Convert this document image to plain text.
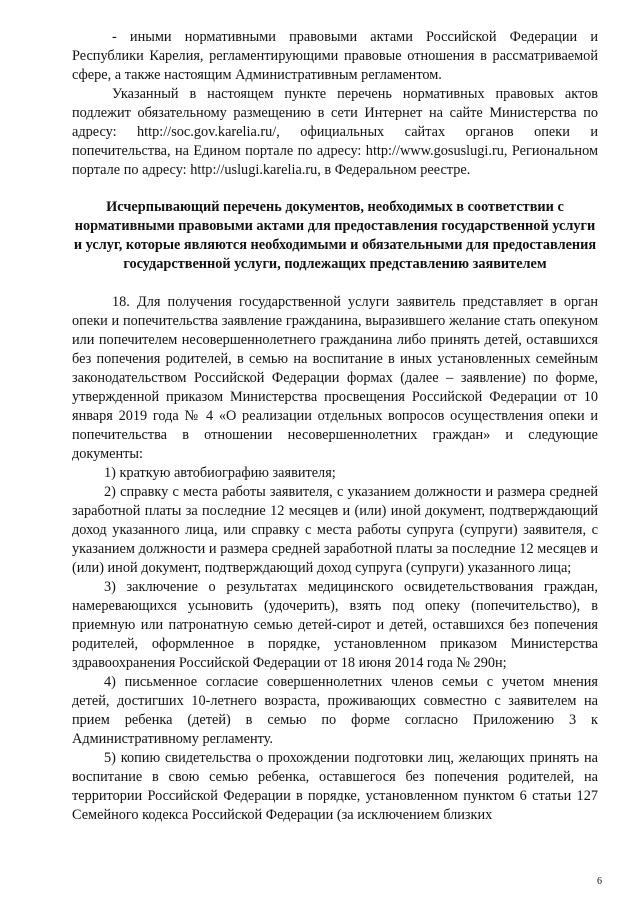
- иными нормативными правовыми актами Российской Федерации и Республики Карелия, регламентирующими правовые отношения в рассматриваемой сфере, а также настоящим Административным регламентом.

Указанный в настоящем пункте перечень нормативных правовых актов подлежит обязательному размещению в сети Интернет на сайте Министерства по адресу: http://soc.gov.karelia.ru/, официальных сайтах органов опеки и попечительства, на Едином портале по адресу: http://www.gosuslugi.ru, Региональном портале по адресу: http://uslugi.karelia.ru, в Федеральном реестре.

Исчерпывающий перечень документов, необходимых в соответствии с нормативными правовыми актами для предоставления государственной услуги и услуг, которые являются необходимыми и обязательными для предоставления государственной услуги, подлежащих представлению заявителем

18. Для получения государственной услуги заявитель представляет в орган опеки и попечительства заявление гражданина, выразившего желание стать опекуном или попечителем несовершеннолетнего гражданина либо принять детей, оставшихся без попечения родителей, в семью на воспитание в иных установленных семейным законодательством Российской Федерации формах (далее – заявление) по форме, утвержденной приказом Министерства просвещения Российской Федерации от 10 января 2019 года № 4 «О реализации отдельных вопросов осуществления опеки и попечительства в отношении несовершеннолетних граждан» и следующие документы:

1) краткую автобиографию заявителя;

2) справку с места работы заявителя, с указанием должности и размера средней заработной платы за последние 12 месяцев и (или) иной документ, подтверждающий доход указанного лица, или справку с места работы супруга (супруги) заявителя, с указанием должности и размера средней заработной платы за последние 12 месяцев и (или) иной документ, подтверждающий доход супруга (супруги) указанного лица;

3) заключение о результатах медицинского освидетельствования граждан, намеревающихся усыновить (удочерить), взять под опеку (попечительство), в приемную или патронатную семью детей-сирот и детей, оставшихся без попечения родителей, оформленное в порядке, установленном приказом Министерства здравоохранения Российской Федерации от 18 июня 2014 года № 290н;

4) письменное согласие совершеннолетних членов семьи с учетом мнения детей, достигших 10-летнего возраста, проживающих совместно с заявителем на прием ребенка (детей) в семью по форме согласно Приложению 3 к Административному регламенту.

5) копию свидетельства о прохождении подготовки лиц, желающих принять на воспитание в свою семью ребенка, оставшегося без попечения родителей, на территории Российской Федерации в порядке, установленном пунктом 6 статьи 127 Семейного кодекса Российской Федерации (за исключением близких

6
